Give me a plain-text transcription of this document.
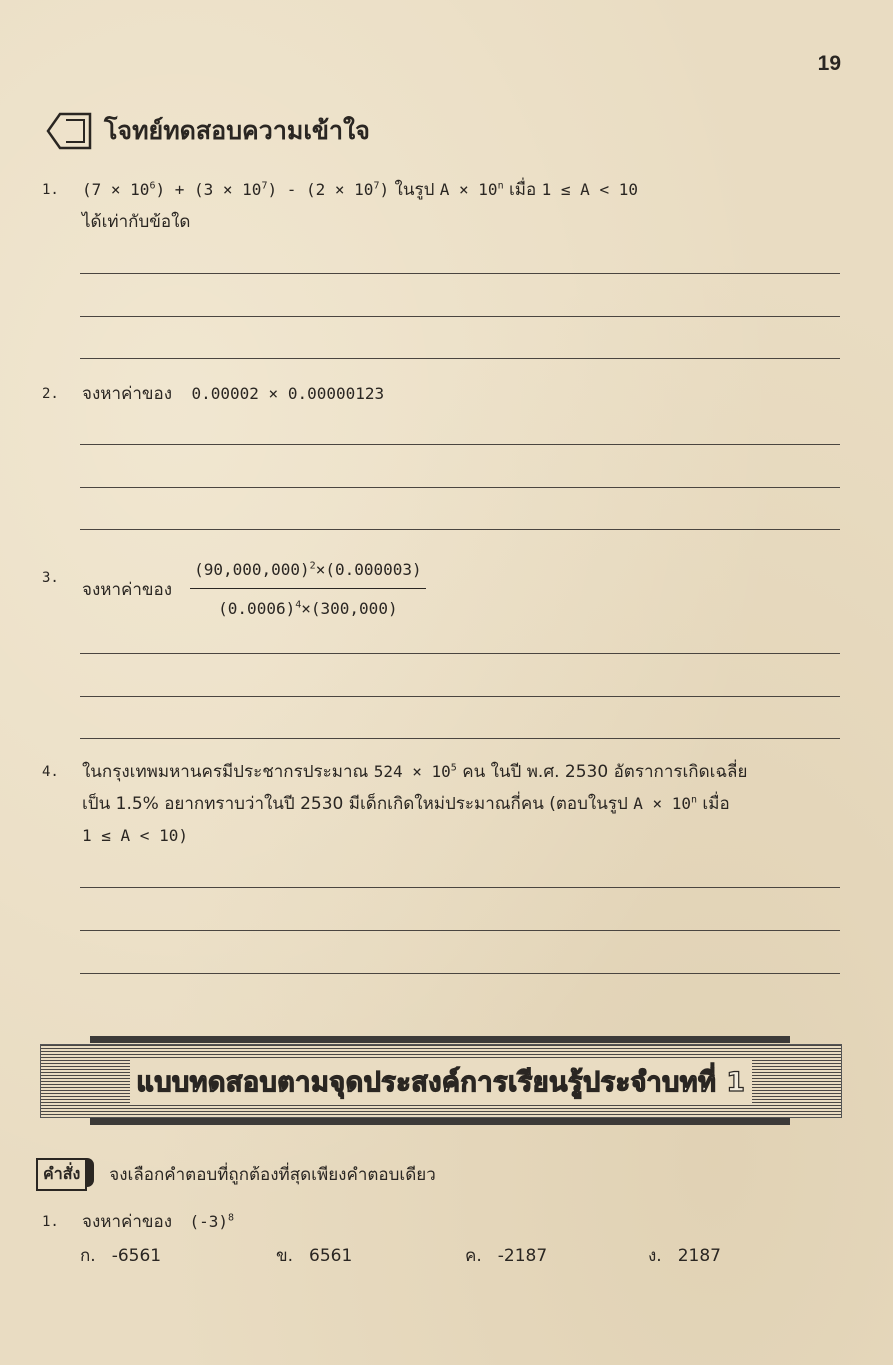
19
โจทย์ทดสอบความเข้าใจ
1. $(7 \times 10^6) + (3 \times 10^7) - (2 \times 10^7)$ ในรูป $A \times 10^n$ เมื่อ 1 ≤ A < 10
ได้เท่ากับข้อใด
2. จงหาค่าของ 0.00002 × 0.00000123
3.
จงหาค่าของ $\frac{(90,000,000)^2\times(0.000003)}{(0.0006)^4\times(300,000)}$
4. ในกรุงเทพมหานครมีประชากรประมาณ $524 \times 10^5$ คน ในปี พ.ศ. 2530 อัตราการเกิดเฉลี่ย
เป็น 1.5% อยากทราบว่าในปี 2530 มีเด็กเกิดใหม่ประมาณกี่คน (ตอบในรูป $A \times 10^n$ เมื่อ
1 ≤ A < 10)
แบบทดสอบตามจุดประสงค์การเรียนรู้ประจำบทที่ 1
คำสั่ง	จงเลือกคำตอบที่ถูกต้องที่สุดเพียงคำตอบเดียว
1. จงหาค่าของ $(-3)^8$
ก. -6561	ข. 6561	ค. -2187	ง. 2187
